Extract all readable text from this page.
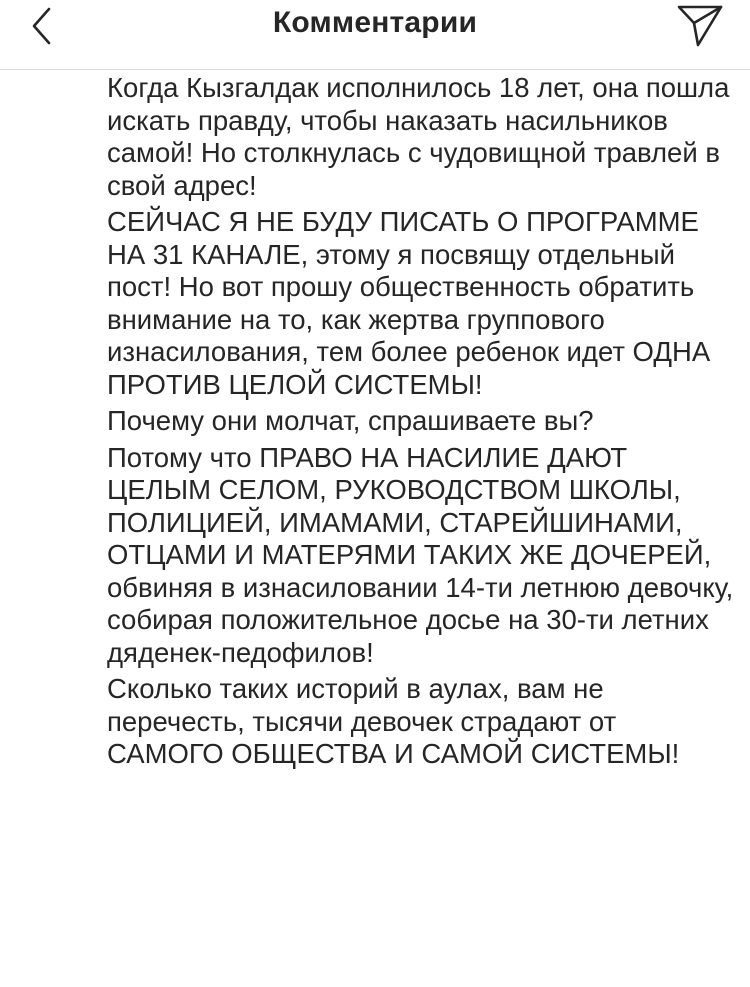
Комментарии

Когда Кызгалдак исполнилось 18 лет, она пошла искать правду, чтобы наказать насильников самой! Но столкнулась с чудовищной травлей в свой адрес!

СЕЙЧАС Я НЕ БУДУ ПИСАТЬ О ПРОГРАММЕ НА 31 КАНАЛЕ, этому я посвящу отдельный пост! Но вот прошу общественность обратить внимание на то, как жертва группового изнасилования, тем более ребенок идет ОДНА ПРОТИВ ЦЕЛОЙ СИСТЕМЫ!

Почему они молчат, спрашиваете вы?

Потому что ПРАВО НА НАСИЛИЕ ДАЮТ ЦЕЛЫМ СЕЛОМ, РУКОВОДСТВОМ ШКОЛЫ, ПОЛИЦИЕЙ, ИМАМАМИ, СТАРЕЙШИНАМИ, ОТЦАМИ И МАТЕРЯМИ ТАКИХ ЖЕ ДОЧЕРЕЙ, обвиняя в изнасиловании 14-ти летнюю девочку, собирая положительное досье на 30-ти летних дяденек-педофилов!

Сколько таких историй в аулах, вам не перечесть, тысячи девочек страдают от САМОГО ОБЩЕСТВА И САМОЙ СИСТЕМЫ!
